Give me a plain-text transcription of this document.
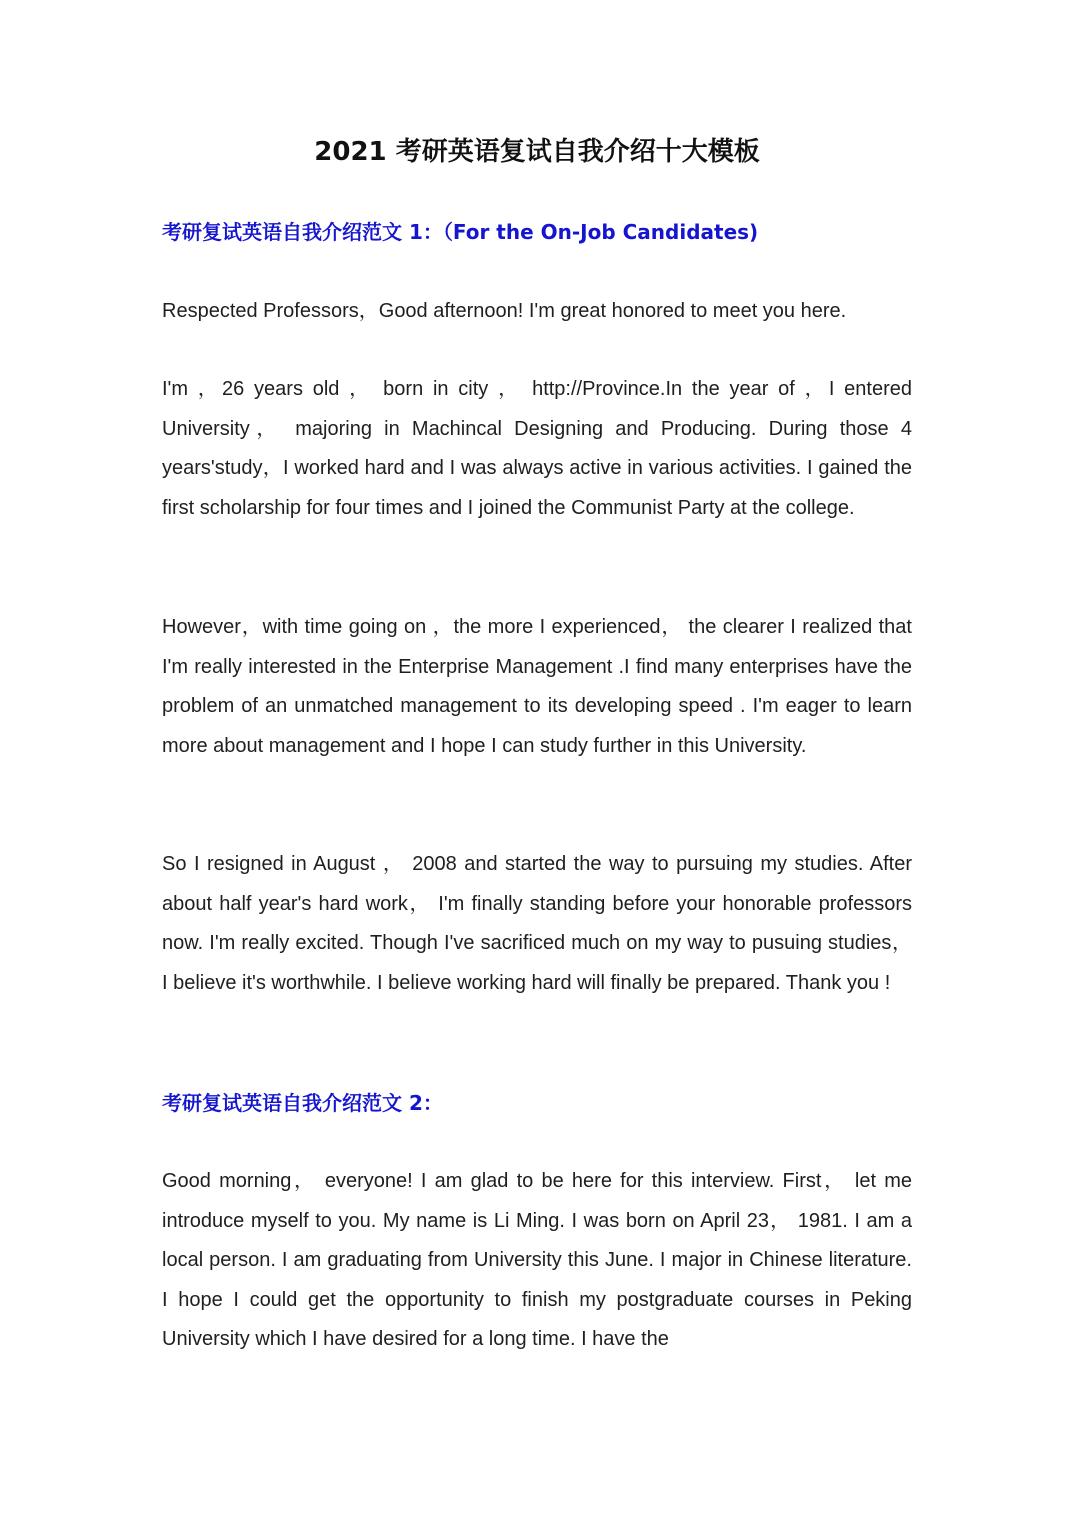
2021 考研英语复试自我介绍十大模板
考研复试英语自我介绍范文 1：（For the On-Job Candidates)

Respected Professors，Good afternoon! I'm great honored to meet you here.

I'm ，26 years old ， born in city ， http://Province.In the year of ，I entered University， majoring in Machincal Designing and Producing. During those 4 years'study，I worked hard and I was always active in various activities. I gained the first scholarship for four times and I joined the Communist Party at the college.

However，with time going on ，the more I experienced， the clearer I realized that I'm really interested in the Enterprise Management .I find many enterprises have the problem of an unmatched management to its developing speed . I'm eager to learn more about management and I hope I can study further in this University.

So I resigned in August ， 2008 and started the way to pursuing my studies. After about half year's hard work， I'm finally standing before your honorable professors now. I'm really excited. Though I've sacrificed much on my way to pusuing studies， I believe it's worthwhile. I believe working hard will finally be prepared. Thank you !

考研复试英语自我介绍范文 2：

Good morning， everyone! I am glad to be here for this interview. First， let me introduce myself to you. My name is Li Ming. I was born on April 23， 1981. I am a local person. I am graduating from University this June. I major in Chinese literature. I hope I could get the opportunity to finish my postgraduate courses in Peking University which I have desired for a long time. I have the
